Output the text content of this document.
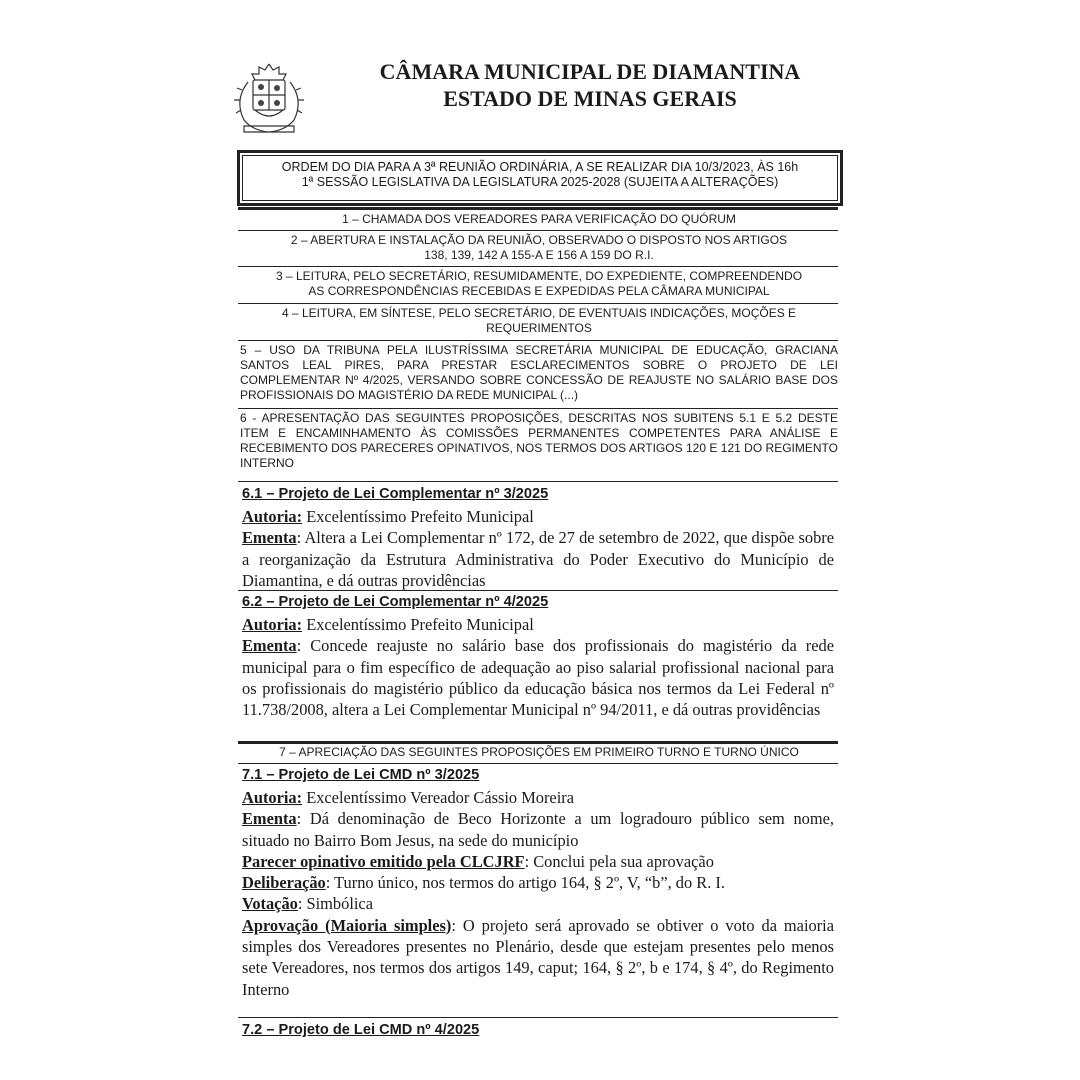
CÂMARA MUNICIPAL DE DIAMANTINA
ESTADO DE MINAS GERAIS
ORDEM DO DIA PARA A 3ª REUNIÃO ORDINÁRIA, A SE REALIZAR DIA 10/3/2023, ÀS 16h
1ª SESSÃO LEGISLATIVA DA LEGISLATURA 2025-2028 (SUJEITA A ALTERAÇÕES)
1 – CHAMADA DOS VEREADORES PARA VERIFICAÇÃO DO QUÓRUM
2 – ABERTURA E INSTALAÇÃO DA REUNIÃO, OBSERVADO O DISPOSTO NOS ARTIGOS 138, 139, 142 A 155-A E 156 A 159 DO R.I.
3 – LEITURA, PELO SECRETÁRIO, RESUMIDAMENTE, DO EXPEDIENTE, COMPREENDENDO AS CORRESPONDÊNCIAS RECEBIDAS E EXPEDIDAS PELA CÂMARA MUNICIPAL
4 – LEITURA, EM SÍNTESE, PELO SECRETÁRIO, DE EVENTUAIS INDICAÇÕES, MOÇÕES E REQUERIMENTOS
5 – USO DA TRIBUNA PELA ILUSTRÍSSIMA SECRETÁRIA MUNICIPAL DE EDUCAÇÃO, GRACIANA SANTOS LEAL PIRES, PARA PRESTAR ESCLARECIMENTOS SOBRE O PROJETO DE LEI COMPLEMENTAR Nº 4/2025, VERSANDO SOBRE CONCESSÃO DE REAJUSTE NO SALÁRIO BASE DOS PROFISSIONAIS DO MAGISTÉRIO DA REDE MUNICIPAL (...)
6 - APRESENTAÇÃO DAS SEGUINTES PROPOSIÇÕES, DESCRITAS NOS SUBITENS 5.1 E 5.2 DESTE ITEM E ENCAMINHAMENTO ÀS COMISSÕES PERMANENTES COMPETENTES PARA ANÁLISE E RECEBIMENTO DOS PARECERES OPINATIVOS, NOS TERMOS DOS ARTIGOS 120 E 121 DO REGIMENTO INTERNO
6.1 – Projeto de Lei Complementar nº 3/2025
Autoria: Excelentíssimo Prefeito Municipal
Ementa: Altera a Lei Complementar nº 172, de 27 de setembro de 2022, que dispõe sobre a reorganização da Estrutura Administrativa do Poder Executivo do Município de Diamantina, e dá outras providências
6.2 – Projeto de Lei Complementar nº 4/2025
Autoria: Excelentíssimo Prefeito Municipal
Ementa: Concede reajuste no salário base dos profissionais do magistério da rede municipal para o fim específico de adequação ao piso salarial profissional nacional para os profissionais do magistério público da educação básica nos termos da Lei Federal nº 11.738/2008, altera a Lei Complementar Municipal nº 94/2011, e dá outras providências
7 – APRECIAÇÃO DAS SEGUINTES PROPOSIÇÕES EM PRIMEIRO TURNO E TURNO ÚNICO
7.1 – Projeto de Lei CMD nº 3/2025
Autoria: Excelentíssimo Vereador Cássio Moreira
Ementa: Dá denominação de Beco Horizonte a um logradouro público sem nome, situado no Bairro Bom Jesus, na sede do município
Parecer opinativo emitido pela CLCJRF: Conclui pela sua aprovação
Deliberação: Turno único, nos termos do artigo 164, § 2º, V, “b”, do R. I.
Votação: Simbólica
Aprovação (Maioria simples): O projeto será aprovado se obtiver o voto da maioria simples dos Vereadores presentes no Plenário, desde que estejam presentes pelo menos sete Vereadores, nos termos dos artigos 149, caput; 164, § 2º, b e 174, § 4º, do Regimento Interno
7.2 – Projeto de Lei CMD nº 4/2025
